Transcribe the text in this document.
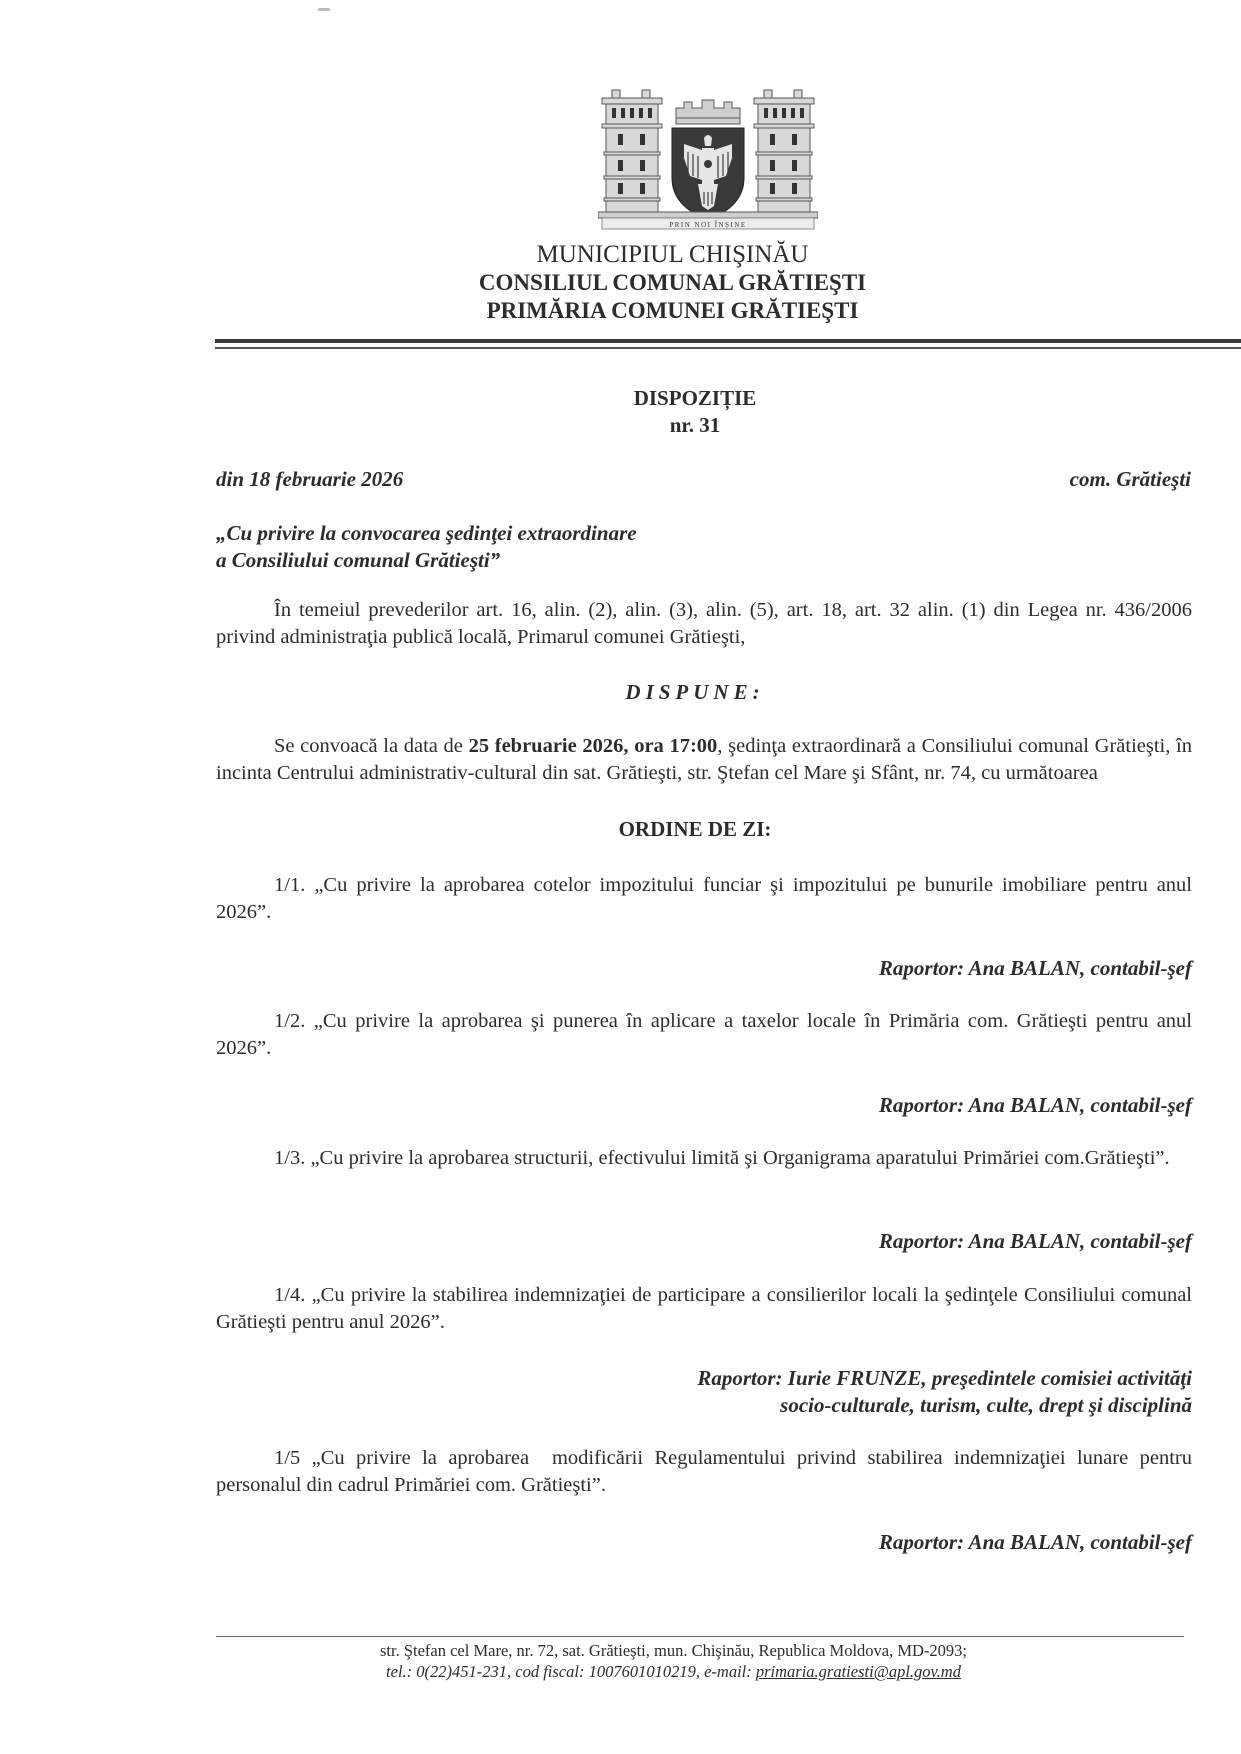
PRIN NOI ÎNȘINE
MUNICIPIUL CHIŞINĂU
CONSILIUL COMUNAL GRĂTIEŞTI
PRIMĂRIA COMUNEI GRĂTIEŞTI
DISPOZIȚIE
nr. 31
din 18 februarie 2026	com. Grătieşti
„Cu privire la convocarea şedinţei extraordinare
a Consiliului comunal Grătieşti”
În temeiul prevederilor art. 16, alin. (2), alin. (3), alin. (5), art. 18, art. 32 alin. (1) din Legea nr. 436/2006 privind administraţia publică locală, Primarul comunei Grătieşti,
DISPUNE:
Se convoacă la data de 25 februarie 2026, ora 17:00, şedinţa extraordinară a Consiliului comunal Grătieşti, în incinta Centrului administrativ-cultural din sat. Grătieşti, str. Ştefan cel Mare şi Sfânt, nr. 74, cu următoarea
ORDINE DE ZI:
1/1. „Cu privire la aprobarea cotelor impozitului funciar şi impozitului pe bunurile imobiliare pentru anul 2026”.
Raportor: Ana BALAN, contabil-şef
1/2. „Cu privire la aprobarea şi punerea în aplicare a taxelor locale în Primăria com. Grătieşti pentru anul 2026”.
Raportor: Ana BALAN, contabil-şef
1/3. „Cu privire la aprobarea structurii, efectivului limită şi Organigrama aparatului Primăriei com.Grătieşti”.
Raportor: Ana BALAN, contabil-şef
1/4. „Cu privire la stabilirea indemnizaţiei de participare a consilierilor locali la şedinţele Consiliului comunal   Grătieşti pentru anul 2026”.
Raportor: Iurie FRUNZE, preşedintele comisiei activităţi
socio-culturale, turism, culte, drept şi disciplină
1/5 „Cu privire la aprobarea  modificării Regulamentului privind stabilirea indemnizaţiei lunare pentru personalul din cadrul Primăriei com. Grătieşti”.
Raportor: Ana BALAN, contabil-şef
str. Ştefan cel Mare, nr. 72, sat. Grătieşti, mun. Chişinău, Republica Moldova, MD-2093;
tel.: 0(22)451-231, cod fiscal: 1007601010219, e-mail: primaria.gratiesti@apl.gov.md
